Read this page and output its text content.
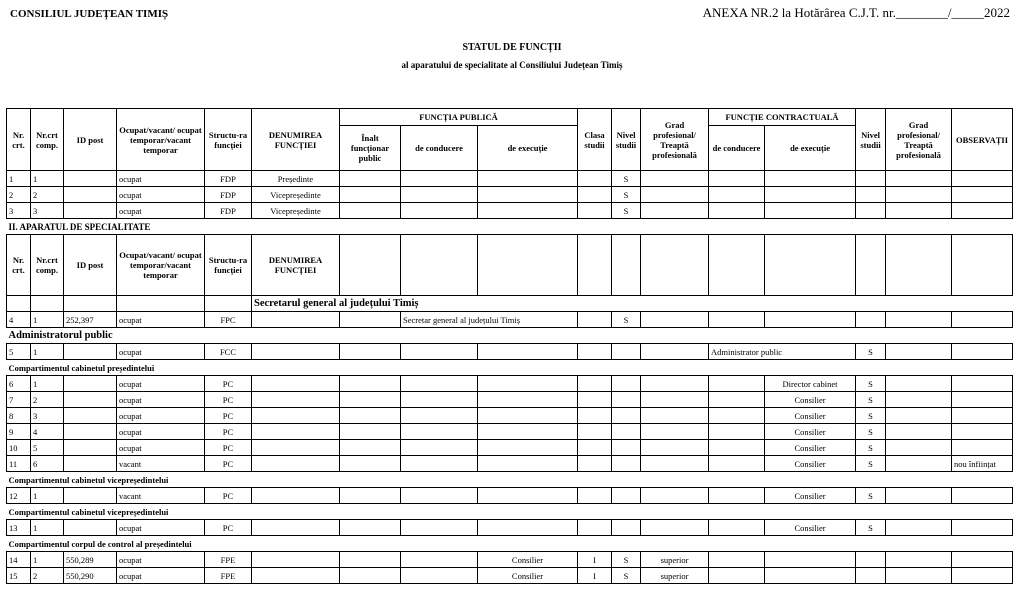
CONSILIUL JUDEȚEAN TIMIȘ	ANEXA NR.2 la Hotărârea C.J.T. nr.________/_____2022
STATUL DE FUNCȚII
al aparatului de specialitate al Consiliului Județean Timiș
Nr. crt.	Nr.crt comp.	ID post	Ocupat/vacant/ ocupat temporar/vacant temporar	Structu-ra funcției	DENUMIREA FUNCȚIEI	FUNCȚIA PUBLICĂ			Clasa studii	Nivel studii	Grad profesional/ Treaptă profesională	FUNCȚIE CONTRACTUALĂ		Nivel studii	Grad profesional/ Treaptă profesională	OBSERVAȚII
						Înalt funcționar public	de conducere	de execuție				de conducere	de execuție			
1	1		ocupat	FDP	Președinte					S						
2	2		ocupat	FDP	Vicepreședinte					S						
3	3		ocupat	FDP	Vicepreședinte					S						
II. APARATUL DE SPECIALITATE																
Nr. crt.	Nr.crt comp.	ID post	Ocupat/vacant/ ocupat temporar/vacant temporar	Structu-ra funcției	DENUMIREA FUNCȚIEI											
					Secretarul general al județului Timiș											
4	1	252,397	ocupat	FPC			Secretar general al județului Timiș			S						
Administratorul public																
5	1		ocupat	FCC								Administrator public		S		
Compartimentul cabinetul președintelui																
6	1		ocupat	PC									Director cabinet	S		
7	2		ocupat	PC									Consilier	S		
8	3		ocupat	PC									Consilier	S		
9	4		ocupat	PC									Consilier	S		
10	5		ocupat	PC									Consilier	S		
11	6		vacant	PC									Consilier	S		nou înființat
Compartimentul cabinetul vicepreședintelui																
12	1		vacant	PC									Consilier	S		
Compartimentul cabinetul vicepreședintelui																
13	1		ocupat	PC									Consilier	S		
Compartimentul corpul de control al președintelui																
14	1	550,289	ocupat	FPE				Consilier	I	S	superior					
15	2	550,290	ocupat	FPE				Consilier	I	S	superior					
